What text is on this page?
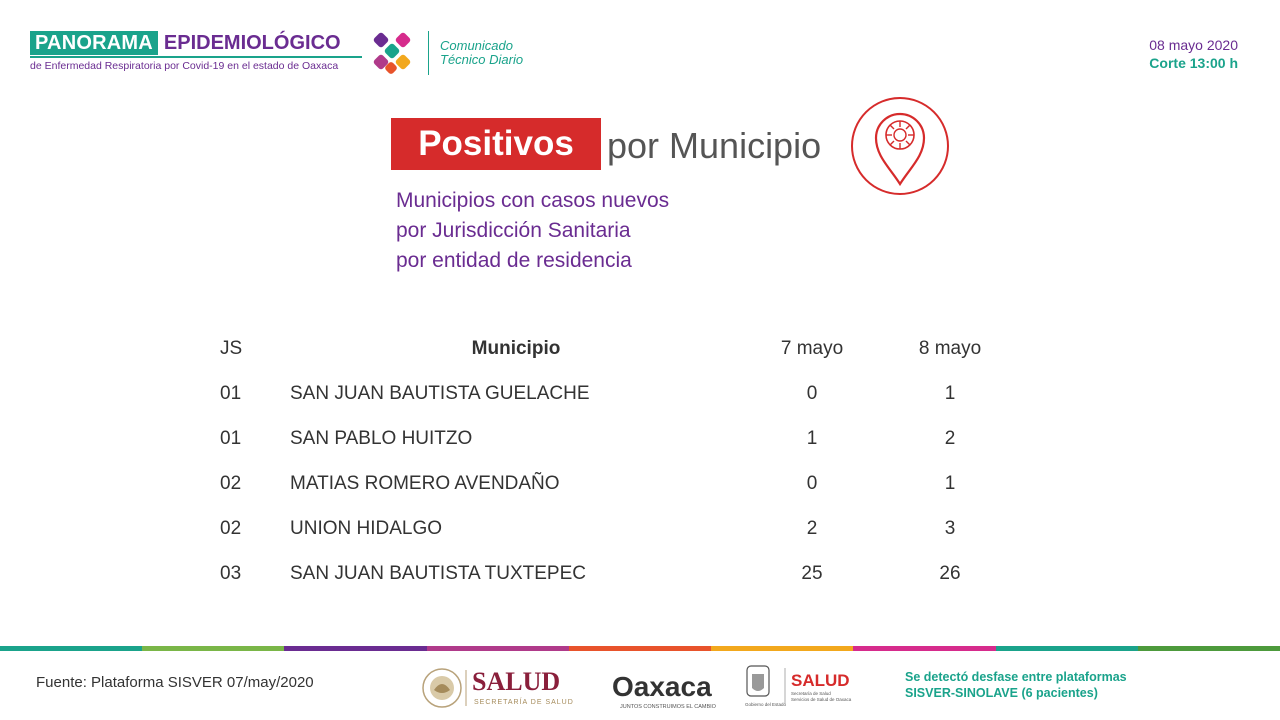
PANORAMA EPIDEMIOLÓGICO
de Enfermedad Respiratoria por Covid-19 en el estado de Oaxaca
Comunicado
Técnico Diario
08 mayo 2020
Corte 13:00 h
Positivos por Municipio
Municipios con casos nuevos
por Jurisdicción Sanitaria
por entidad de residencia
JS	Municipio	7 mayo	8 mayo
01	SAN JUAN BAUTISTA GUELACHE	0	1
01	SAN PABLO HUITZO	1	2
02	MATIAS ROMERO AVENDAÑO	0	1
02	UNION HIDALGO	2	3
03	SAN JUAN BAUTISTA TUXTEPEC	25	26
Fuente: Plataforma SISVER 07/may/2020	SALUD
SECRETARÍA DE SALUD
Oaxaca
JUNTOS CONSTRUIMOS EL CAMBIO	Gobierno del Estado
SALUD
Secretaría de Salud
Servicios de Salud de Oaxaca
Se detectó desfase entre plataformas
SISVER-SINOLAVE (6 pacientes)
